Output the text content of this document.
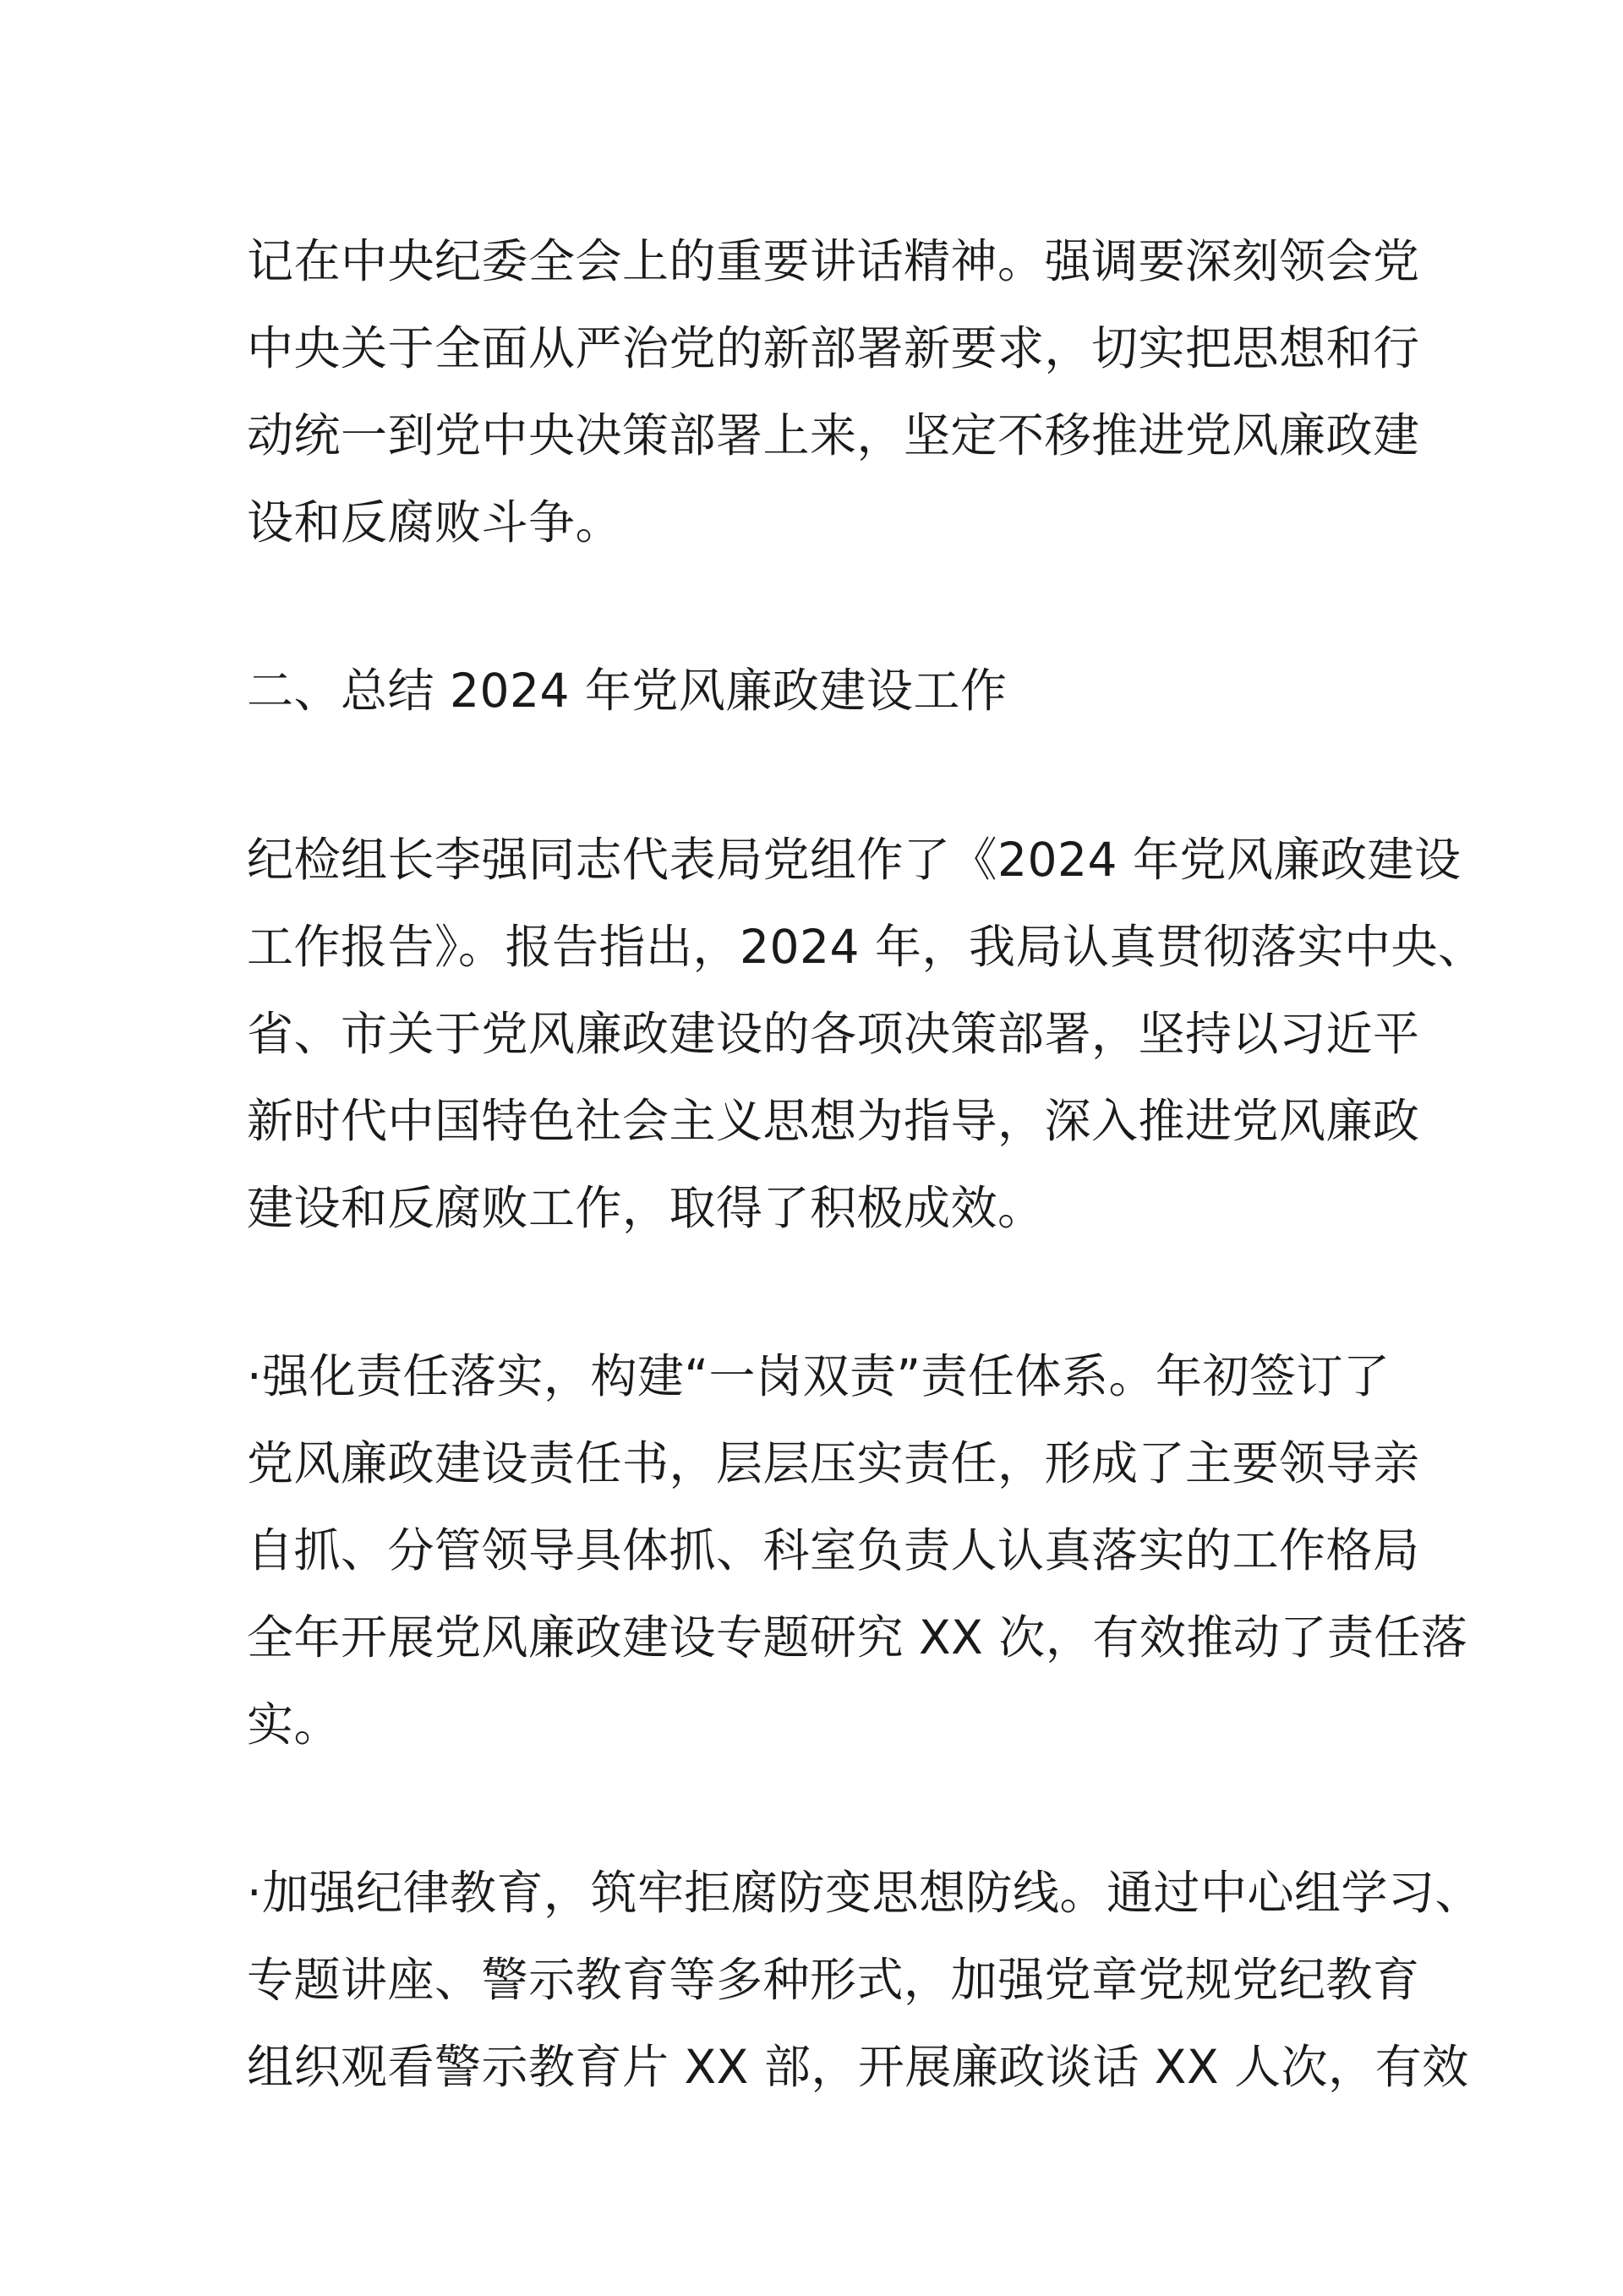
记在中央纪委全会上的重要讲话精神。强调要深刻领会党
中央关于全面从严治党的新部署新要求，切实把思想和行
动统一到党中央决策部署上来，坚定不移推进党风廉政建
设和反腐败斗争。
二、总结 2024 年党风廉政建设工作
纪检组长李强同志代表局党组作了《2024 年党风廉政建设
工作报告》。报告指出，2024 年，我局认真贯彻落实中央、
省、市关于党风廉政建设的各项决策部署，坚持以习近平
新时代中国特色社会主义思想为指导，深入推进党风廉政
建设和反腐败工作，取得了积极成效。
·强化责任落实，构建“一岗双责”责任体系。年初签订了
党风廉政建设责任书，层层压实责任，形成了主要领导亲
自抓、分管领导具体抓、科室负责人认真落实的工作格局
全年开展党风廉政建设专题研究 XX 次，有效推动了责任落
实。
·加强纪律教育，筑牢拒腐防变思想防线。通过中心组学习、
专题讲座、警示教育等多种形式，加强党章党规党纪教育
组织观看警示教育片 XX 部，开展廉政谈话 XX 人次，有效
